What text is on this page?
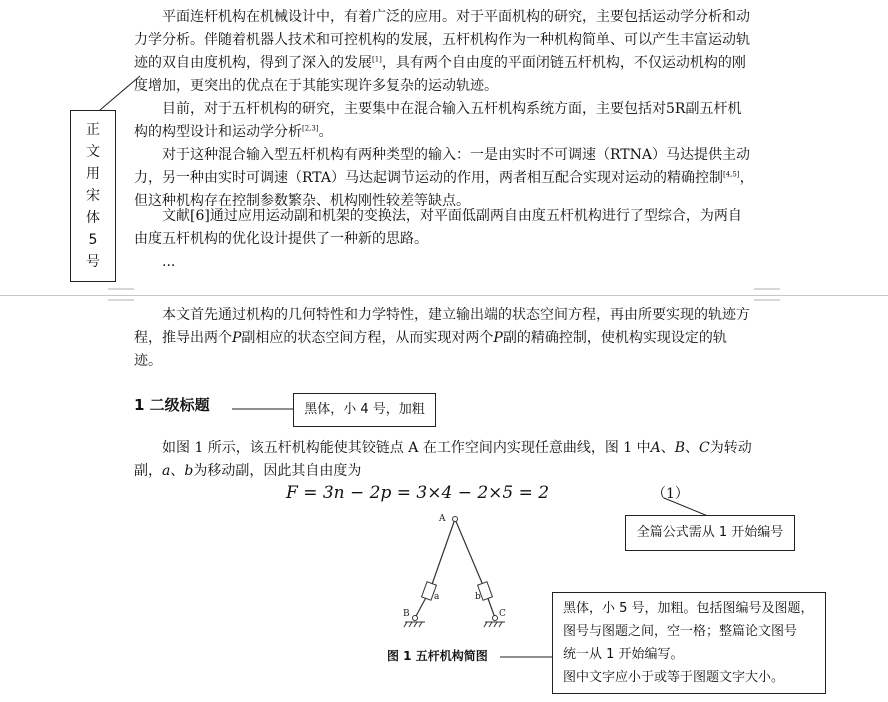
平面连杆机构在机械设计中，有着广泛的应用。对于平面机构的研究，主要包括运动学分析和动力学分析。伴随着机器人技术和可控机构的发展，五杆机构作为一种机构简单、可以产生丰富运动轨迹的双自由度机构，得到了深入的发展[1]，具有两个自由度的平面闭链五杆机构，不仅运动机构的刚度增加，更突出的优点在于其能实现许多复杂的运动轨迹。

目前，对于五杆机构的研究，主要集中在混合输入五杆机构系统方面，主要包括对5R副五杆机构的构型设计和运动学分析[2,3]。

对于这种混合输入型五杆机构有两种类型的输入：一是由实时不可调速（RTNA）马达提供主动力，另一种由实时可调速（RTA）马达起调节运动的作用，两者相互配合实现对运动的精确控制[4,5]，但这种机构存在控制参数繁杂、机构刚性较差等缺点。

文献[6]通过应用运动副和机架的变换法，对平面低副两自由度五杆机构进行了型综合，为两自由度五杆机构的优化设计提供了一种新的思路。

...

正
文
用
宋
体
5
号

本文首先通过机构的几何特性和力学特性，建立输出端的状态空间方程，再由所要实现的轨迹方程，推导出两个P副相应的状态空间方程，从而实现对两个P副的精确控制，使机构实现设定的轨迹。

1 二级标题	黑体，小 4 号，加粗

如图 1 所示，该五杆机构能使其铰链点 A 在工作空间内实现任意曲线，图 1 中A、B、C为转动副，a、b为移动副，因此其自由度为

F = 3n − 2p = 3×4 − 2×5 = 2	（1）
全篇公式需从 1 开始编号
A
B	C
a	b
图 1 五杆机构简图
黑体，小 5 号，加粗。包括图编号及图题，
图号与图题之间，空一格；整篇论文图号
统一从 1 开始编写。
图中文字应小于或等于图题文字大小。
